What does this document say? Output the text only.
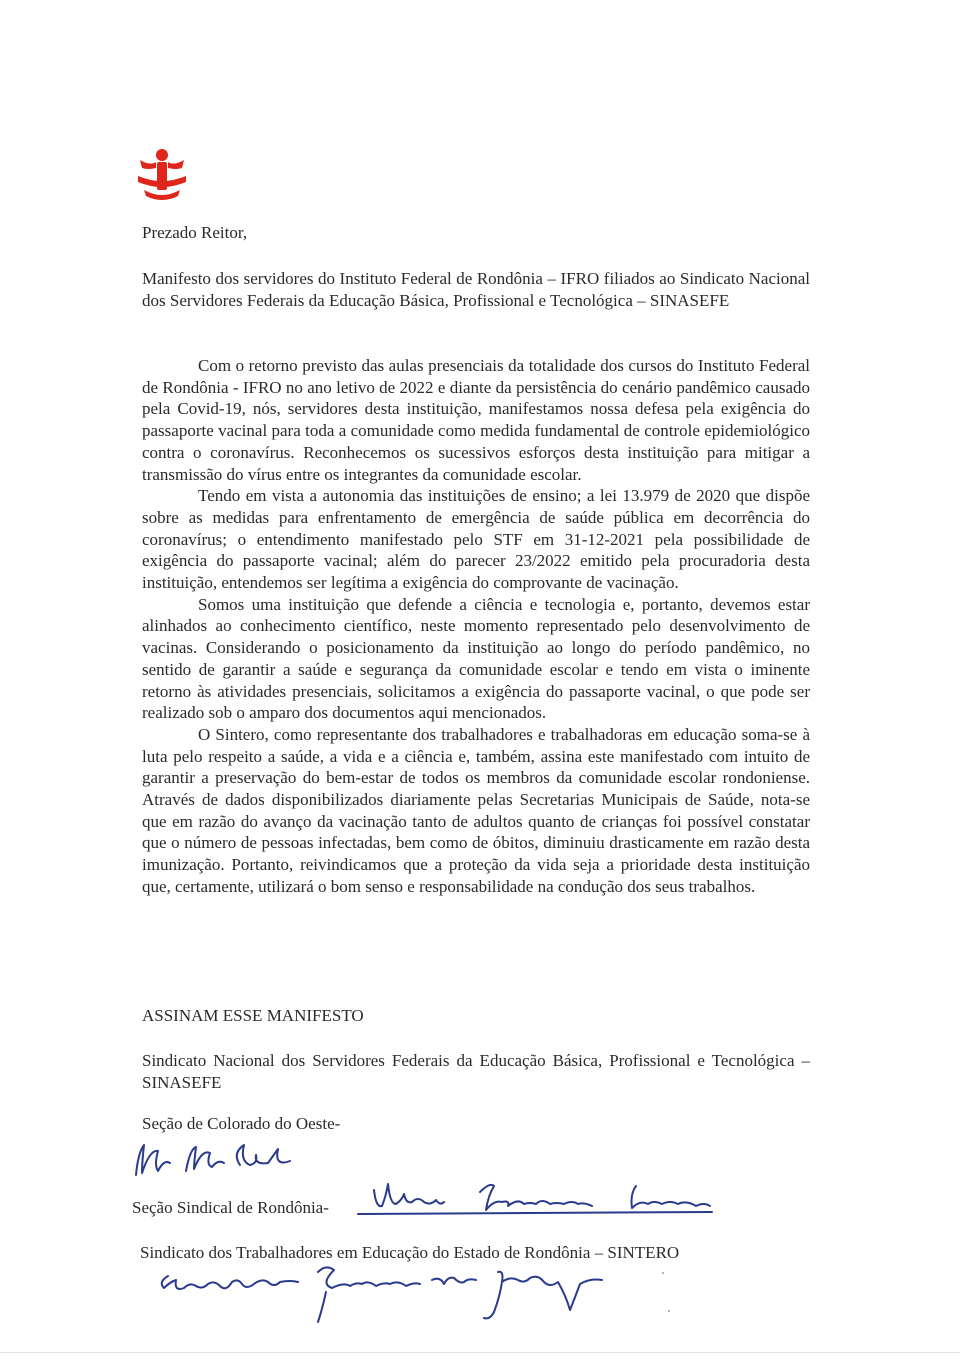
Prezado Reitor,
Manifesto dos servidores do Instituto Federal de Rondônia – IFRO filiados ao Sindicato Nacional dos Servidores Federais da Educação Básica, Profissional e Tecnológica – SINASEFE

Com o retorno previsto das aulas presenciais da totalidade dos cursos do Instituto Federal de Rondônia - IFRO no ano letivo de 2022 e diante da persistência do cenário pandêmico causado pela Covid-19, nós, servidores desta instituição, manifestamos nossa defesa pela exigência do passaporte vacinal para toda a comunidade como medida fundamental de controle epidemiológico contra o coronavírus. Reconhecemos os sucessivos esforços desta instituição para mitigar a transmissão do vírus entre os integrantes da comunidade escolar.

Tendo em vista a autonomia das instituições de ensino; a lei 13.979 de 2020 que dispõe sobre as medidas para enfrentamento de emergência de saúde pública em decorrência do coronavírus; o entendimento manifestado pelo STF em 31-12-2021 pela possibilidade de exigência do passaporte vacinal; além do parecer 23/2022 emitido pela procuradoria desta instituição, entendemos ser legítima a exigência do comprovante de vacinação.

Somos uma instituição que defende a ciência e tecnologia e, portanto, devemos estar alinhados ao conhecimento científico, neste momento representado pelo desenvolvimento de vacinas. Considerando o posicionamento da instituição ao longo do período pandêmico, no sentido de garantir a saúde e segurança da comunidade escolar e tendo em vista o iminente retorno às atividades presenciais, solicitamos a exigência do passaporte vacinal, o que pode ser realizado sob o amparo dos documentos aqui mencionados.

O Sintero, como representante dos trabalhadores e trabalhadoras em educação soma-se à luta pelo respeito a saúde, a vida e a ciência e, também, assina este manifestado com intuito de garantir a preservação do bem-estar de todos os membros da comunidade escolar rondoniense. Através de dados disponibilizados diariamente pelas Secretarias Municipais de Saúde, nota-se que em razão do avanço da vacinação tanto de adultos quanto de crianças foi possível constatar que o número de pessoas infectadas, bem como de óbitos, diminuiu drasticamente em razão desta imunização. Portanto, reivindicamos que a proteção da vida seja a prioridade desta instituição que, certamente, utilizará o bom senso e responsabilidade na condução dos seus trabalhos.

ASSINAM ESSE MANIFESTO
Sindicato Nacional dos Servidores Federais da Educação Básica, Profissional e Tecnológica – SINASEFE
Seção de Colorado do Oeste-
Seção Sindical de Rondônia-
Sindicato dos Trabalhadores em Educação do Estado de Rondônia – SINTERO
